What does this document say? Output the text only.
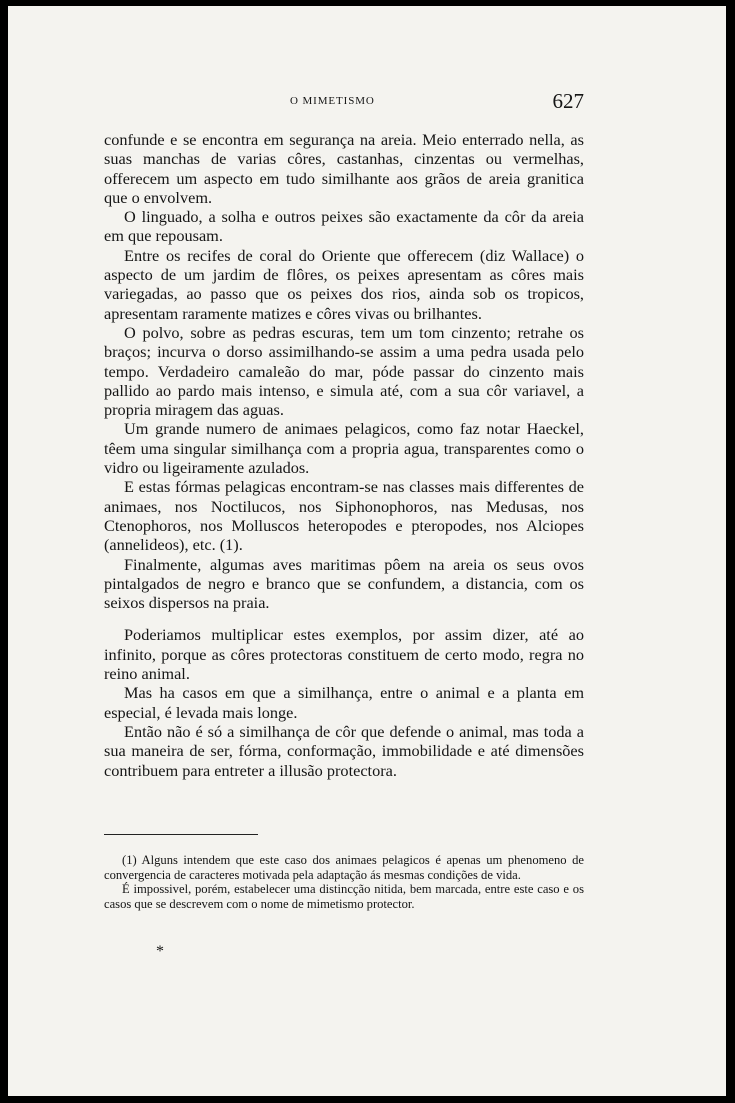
O MIMETISMO	627

confunde e se encontra em segurança na areia. Meio enterrado nella, as suas manchas de varias côres, castanhas, cinzentas ou vermelhas, offerecem um aspecto em tudo similhante aos grãos de areia granitica que o envolvem.

O linguado, a solha e outros peixes são exactamente da côr da areia em que repousam.

Entre os recifes de coral do Oriente que offerecem (diz Wallace) o aspecto de um jardim de flôres, os peixes apresentam as côres mais variegadas, ao passo que os peixes dos rios, ainda sob os tropicos, apresentam raramente matizes e côres vivas ou brilhantes.

O polvo, sobre as pedras escuras, tem um tom cinzento; retrahe os braços; incurva o dorso assimilhando-se assim a uma pedra usada pelo tempo. Verdadeiro camaleão do mar, póde passar do cinzento mais pallido ao pardo mais intenso, e simula até, com a sua côr variavel, a propria miragem das aguas.

Um grande numero de animaes pelagicos, como faz notar Haeckel, têem uma singular similhança com a propria agua, transparentes como o vidro ou ligeiramente azulados.

E estas fórmas pelagicas encontram-se nas classes mais differentes de animaes, nos Noctilucos, nos Siphonophoros, nas Medusas, nos Ctenophoros, nos Molluscos heteropodes e pteropodes, nos Alciopes (annelideos), etc. (1).

Finalmente, algumas aves maritimas pôem na areia os seus ovos pintalgados de negro e branco que se confundem, a distancia, com os seixos dispersos na praia.

Poderiamos multiplicar estes exemplos, por assim dizer, até ao infinito, porque as côres protectoras constituem de certo modo, regra no reino animal.

Mas ha casos em que a similhança, entre o animal e a planta em especial, é levada mais longe.

Então não é só a similhança de côr que defende o animal, mas toda a sua maneira de ser, fórma, conformação, immobilidade e até dimensões contribuem para entreter a illusão protectora.

(1) Alguns intendem que este caso dos animaes pelagicos é apenas um phenomeno de convergencia de caracteres motivada pela adaptação ás mesmas condições de vida.

É impossivel, porém, estabelecer uma distincção nitida, bem marcada, entre este caso e os casos que se descrevem com o nome de mimetismo protector.

*
